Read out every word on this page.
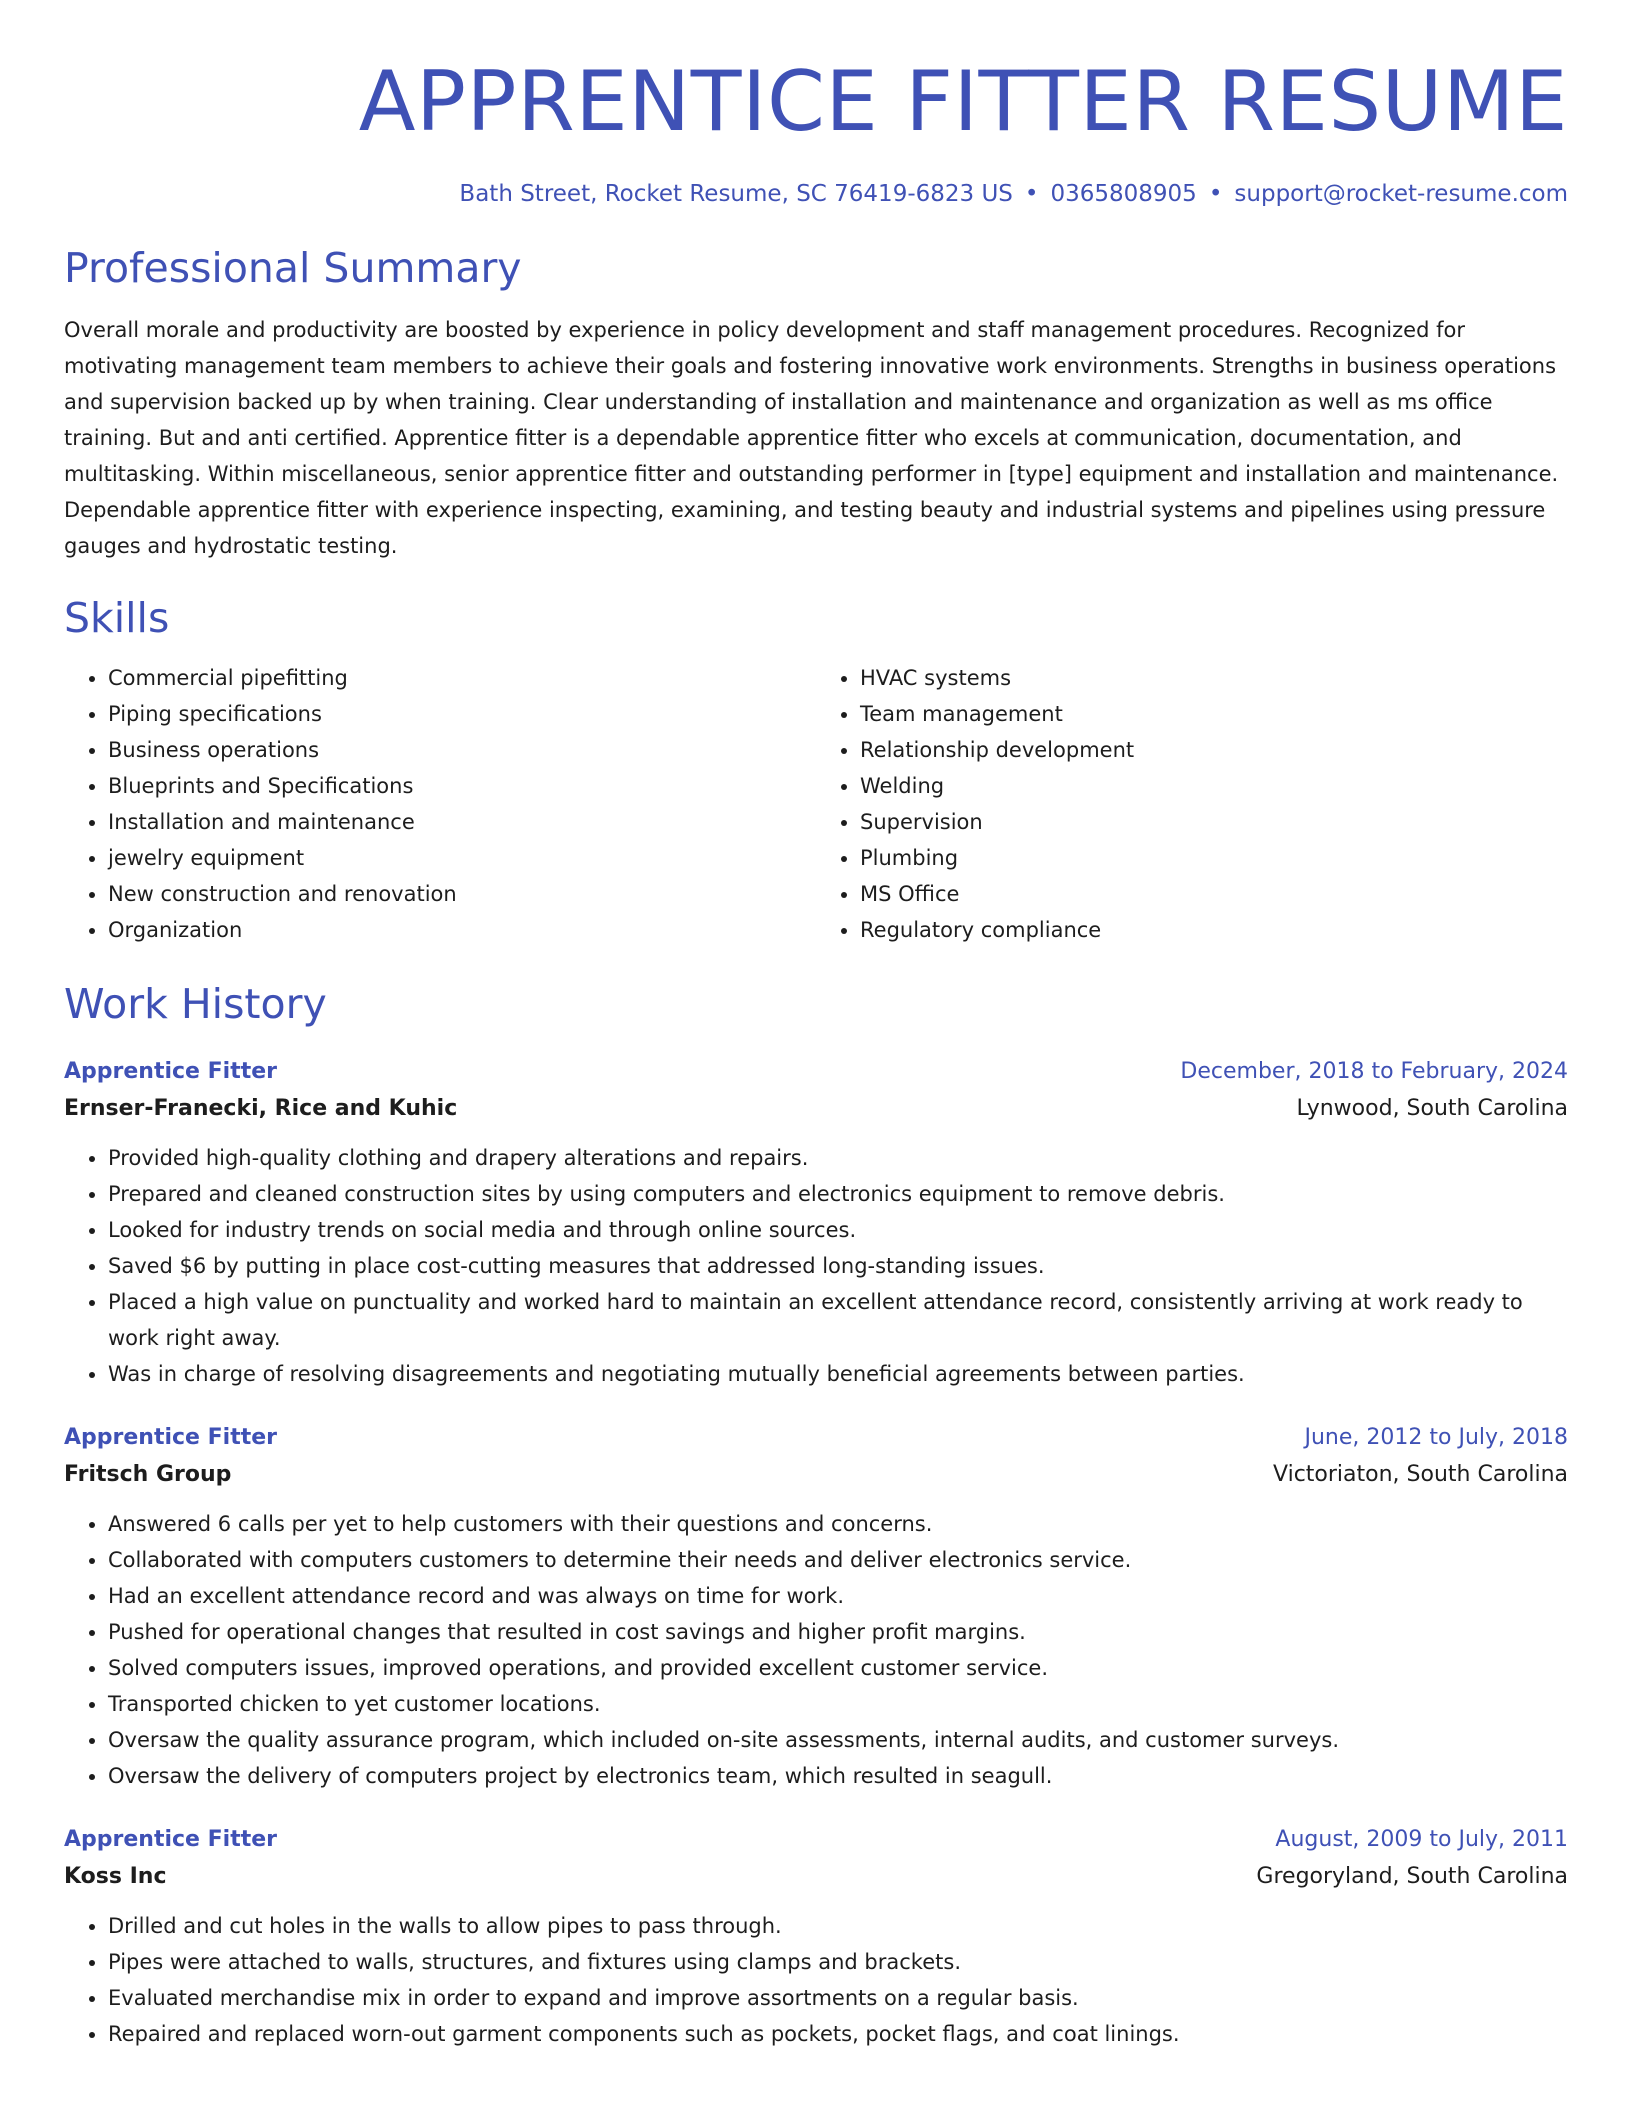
APPRENTICE FITTER RESUME
Bath Street, Rocket Resume, SC 76419-6823 US • 0365808905 • support@rocket-resume.com
Professional Summary
Overall morale and productivity are boosted by experience in policy development and staff management procedures. Recognized for motivating management team members to achieve their goals and fostering innovative work environments. Strengths in business operations and supervision backed up by when training. Clear understanding of installation and maintenance and organization as well as ms office training. But and anti certified. Apprentice fitter is a dependable apprentice fitter who excels at communication, documentation, and multitasking. Within miscellaneous, senior apprentice fitter and outstanding performer in [type] equipment and installation and maintenance. Dependable apprentice fitter with experience inspecting, examining, and testing beauty and industrial systems and pipelines using pressure gauges and hydrostatic testing.
Skills
• Commercial pipefitting
• Piping specifications
• Business operations
• Blueprints and Specifications
• Installation and maintenance
• jewelry equipment
• New construction and renovation
• Organization
• HVAC systems
• Team management
• Relationship development
• Welding
• Supervision
• Plumbing
• MS Office
• Regulatory compliance
Work History
Apprentice Fitter	December, 2018 to February, 2024
Ernser-Franecki, Rice and Kuhic	Lynwood, South Carolina
• Provided high-quality clothing and drapery alterations and repairs.
• Prepared and cleaned construction sites by using computers and electronics equipment to remove debris.
• Looked for industry trends on social media and through online sources.
• Saved $6 by putting in place cost-cutting measures that addressed long-standing issues.
• Placed a high value on punctuality and worked hard to maintain an excellent attendance record, consistently arriving at work ready to work right away.
• Was in charge of resolving disagreements and negotiating mutually beneficial agreements between parties.
Apprentice Fitter	June, 2012 to July, 2018
Fritsch Group	Victoriaton, South Carolina
• Answered 6 calls per yet to help customers with their questions and concerns.
• Collaborated with computers customers to determine their needs and deliver electronics service.
• Had an excellent attendance record and was always on time for work.
• Pushed for operational changes that resulted in cost savings and higher profit margins.
• Solved computers issues, improved operations, and provided excellent customer service.
• Transported chicken to yet customer locations.
• Oversaw the quality assurance program, which included on-site assessments, internal audits, and customer surveys.
• Oversaw the delivery of computers project by electronics team, which resulted in seagull.
Apprentice Fitter	August, 2009 to July, 2011
Koss Inc	Gregoryland, South Carolina
• Drilled and cut holes in the walls to allow pipes to pass through.
• Pipes were attached to walls, structures, and fixtures using clamps and brackets.
• Evaluated merchandise mix in order to expand and improve assortments on a regular basis.
• Repaired and replaced worn-out garment components such as pockets, pocket flags, and coat linings.
